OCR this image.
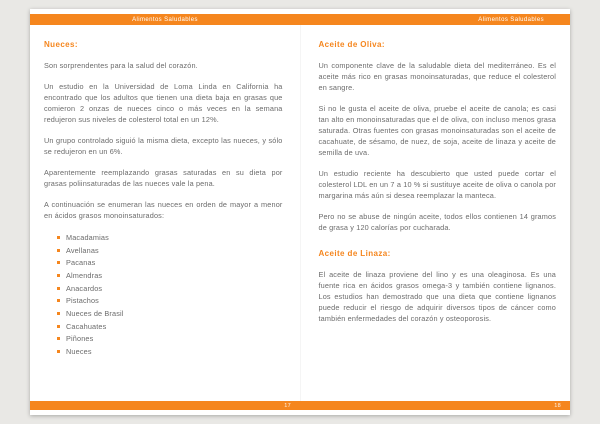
Alimentos Saludables	Alimentos Saludables
Nueces:

Son sorprendentes para la salud del corazón.

Un estudio en la Universidad de Loma Linda en California ha encontrado que los adultos que tienen una dieta baja en grasas que comieron 2 onzas de nueces cinco o más veces en la semana redujeron sus niveles de colesterol total en un 12%.

Un grupo controlado siguió la misma dieta, excepto las nueces, y sólo se redujeron en un 6%.

Aparentemente reemplazando grasas saturadas en su dieta por grasas poliinsaturadas de las nueces vale la pena.

A continuación se enumeran las nueces en orden de mayor a menor en ácidos grasos monoinsaturados:

Macadamias
Avellanas
Pacanas
Almendras
Anacardos
Pistachos
Nueces de Brasil
Cacahuates
Piñones
Nueces
Aceite de Oliva:

Un componente clave de la saludable dieta del mediterráneo. Es el aceite más rico en grasas monoinsaturadas, que reduce el colesterol en sangre.

Si no le gusta el aceite de oliva, pruebe el aceite de canola; es casi tan alto en monoinsaturadas que el de oliva, con incluso menos grasa saturada. Otras fuentes con grasas monoinsaturadas son el aceite de cacahuate, de sésamo, de nuez, de soja, aceite de linaza y aceite de semilla de uva.

Un estudio reciente ha descubierto que usted puede cortar el colesterol LDL en un 7 a 10 % si sustituye aceite de oliva o canola por margarina más aún si desea reemplazar la manteca.

Pero no se abuse de ningún aceite, todos ellos contienen 14 gramos de grasa y 120 calorías por cucharada.

Aceite de Linaza:

El aceite de linaza proviene del lino y es una oleaginosa. Es una fuente rica en ácidos grasos omega-3 y también contiene lignanos. Los estudios han demostrado que una dieta que contiene lignanos puede reducir el riesgo de adquirir diversos tipos de cáncer como también enfermedades del corazón y osteoporosis.

17	18
